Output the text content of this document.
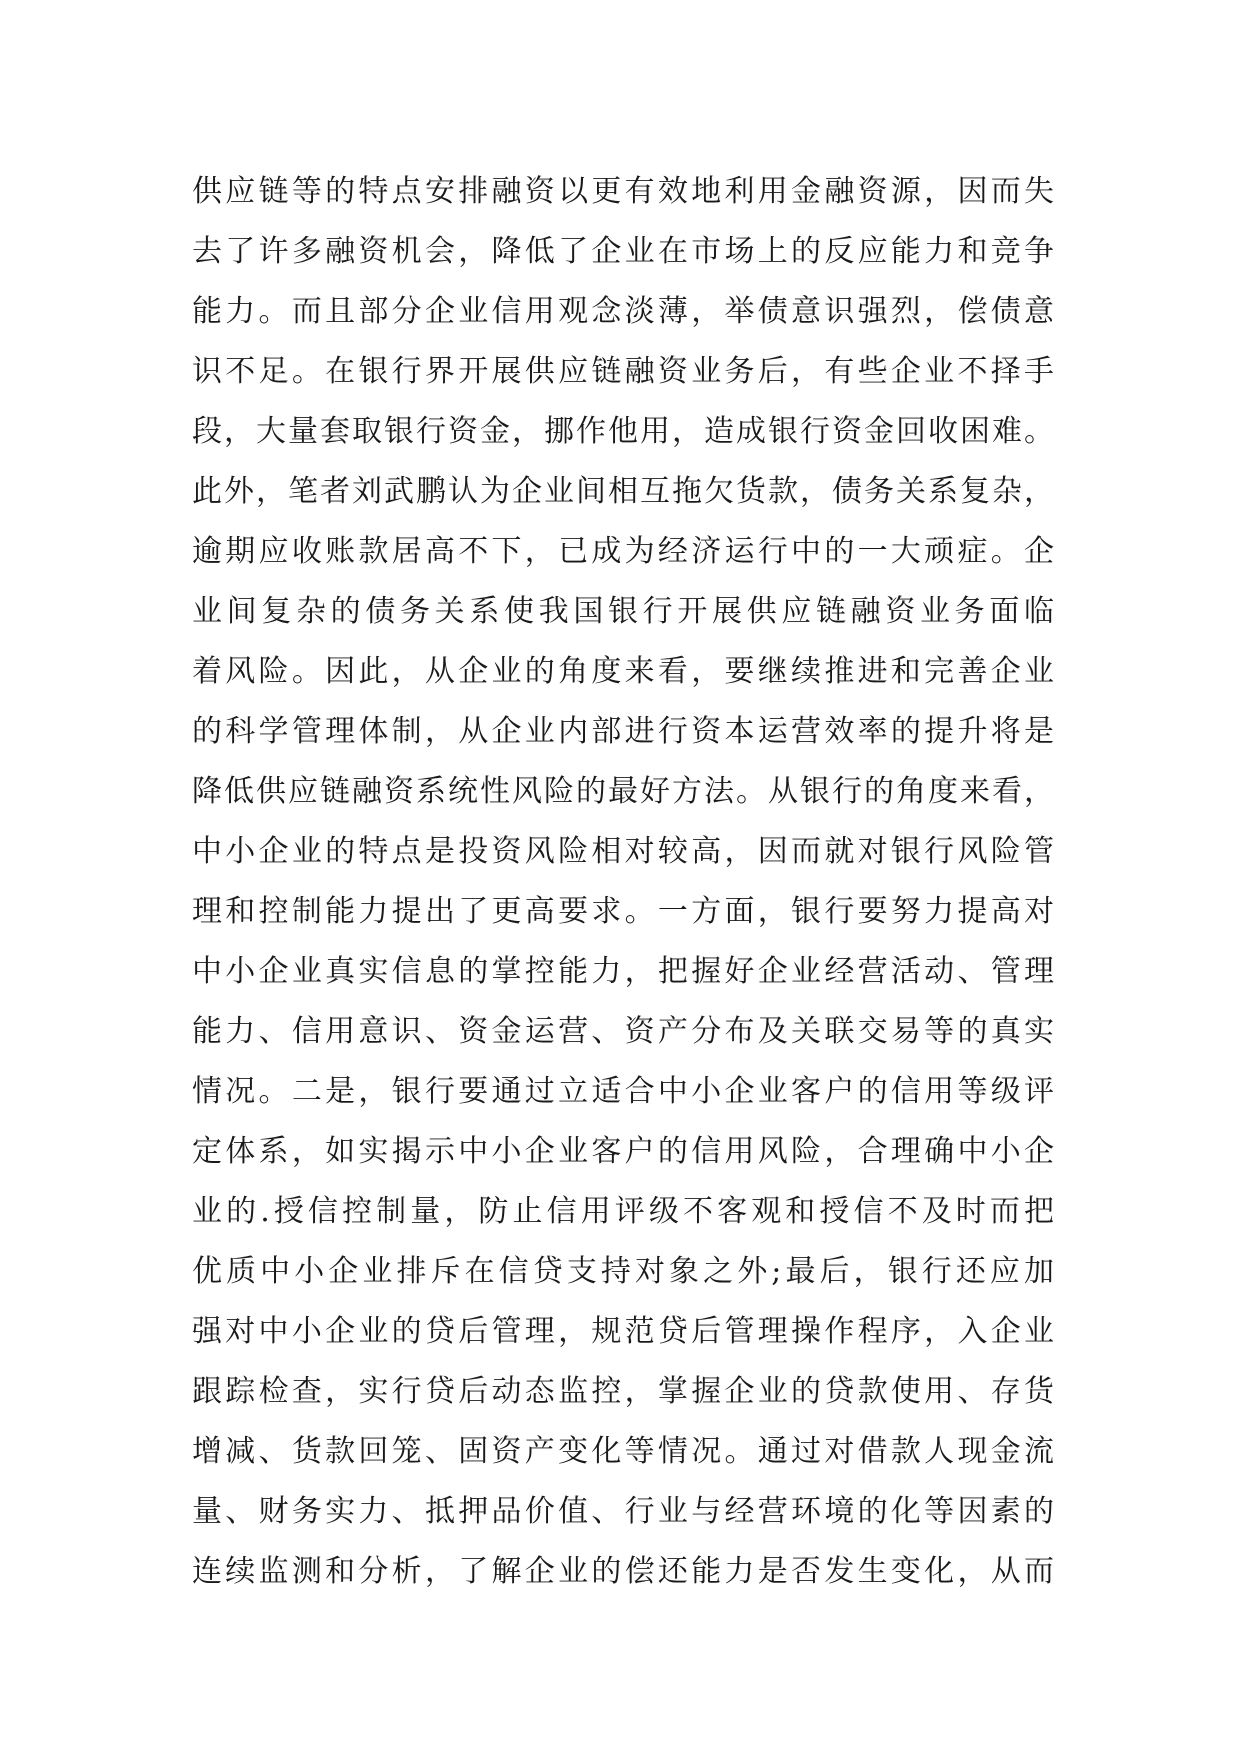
供应链等的特点安排融资以更有效地利用金融资源，因而失
去了许多融资机会，降低了企业在市场上的反应能力和竞争
能力。而且部分企业信用观念淡薄，举债意识强烈，偿债意
识不足。在银行界开展供应链融资业务后，有些企业不择手
段，大量套取银行资金，挪作他用，造成银行资金回收困难。
此外，笔者刘武鹏认为企业间相互拖欠货款，债务关系复杂，
逾期应收账款居高不下，已成为经济运行中的一大顽症。企
业间复杂的债务关系使我国银行开展供应链融资业务面临
着风险。因此，从企业的角度来看，要继续推进和完善企业
的科学管理体制，从企业内部进行资本运营效率的提升将是
降低供应链融资系统性风险的最好方法。从银行的角度来看，
中小企业的特点是投资风险相对较高，因而就对银行风险管
理和控制能力提出了更高要求。一方面，银行要努力提高对
中小企业真实信息的掌控能力，把握好企业经营活动、管理
能力、信用意识、资金运营、资产分布及关联交易等的真实
情况。二是，银行要通过立适合中小企业客户的信用等级评
定体系，如实揭示中小企业客户的信用风险，合理确中小企
业的.授信控制量，防止信用评级不客观和授信不及时而把
优质中小企业排斥在信贷支持对象之外;最后，银行还应加
强对中小企业的贷后管理，规范贷后管理操作程序，入企业
跟踪检查，实行贷后动态监控，掌握企业的贷款使用、存货
增减、货款回笼、固资产变化等情况。通过对借款人现金流
量、财务实力、抵押品价值、行业与经营环境的化等因素的
连续监测和分析，了解企业的偿还能力是否发生变化，从而
